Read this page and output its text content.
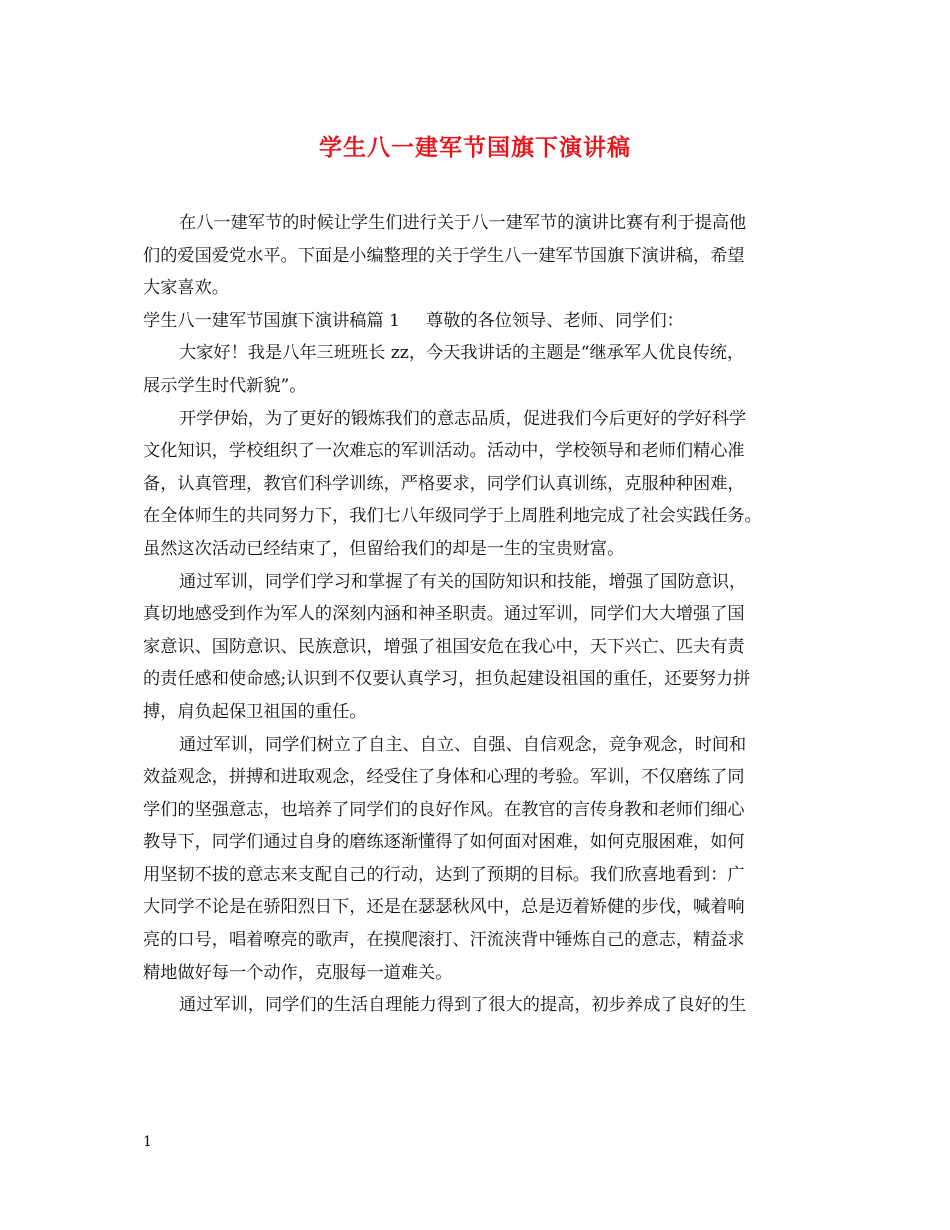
学生八一建军节国旗下演讲稿
在八一建军节的时候让学生们进行关于八一建军节的演讲比赛有利于提高他
们的爱国爱党水平。下面是小编整理的关于学生八一建军节国旗下演讲稿，希望
大家喜欢。
学生八一建军节国旗下演讲稿篇 1 尊敬的各位领导、老师、同学们：
大家好！我是八年三班班长 zz，今天我讲话的主题是“继承军人优良传统，
展示学生时代新貌”。
开学伊始，为了更好的锻炼我们的意志品质，促进我们今后更好的学好科学
文化知识，学校组织了一次难忘的军训活动。活动中，学校领导和老师们精心准
备，认真管理，教官们科学训练，严格要求，同学们认真训练，克服种种困难，
在全体师生的共同努力下，我们七八年级同学于上周胜利地完成了社会实践任务。
虽然这次活动已经结束了，但留给我们的却是一生的宝贵财富。
通过军训，同学们学习和掌握了有关的国防知识和技能，增强了国防意识，
真切地感受到作为军人的深刻内涵和神圣职责。通过军训，同学们大大增强了国
家意识、国防意识、民族意识，增强了祖国安危在我心中，天下兴亡、匹夫有责
的责任感和使命感;认识到不仅要认真学习，担负起建设祖国的重任，还要努力拼
搏，肩负起保卫祖国的重任。
通过军训，同学们树立了自主、自立、自强、自信观念，竞争观念，时间和
效益观念，拼搏和进取观念，经受住了身体和心理的考验。军训，不仅磨练了同
学们的坚强意志，也培养了同学们的良好作风。在教官的言传身教和老师们细心
教导下，同学们通过自身的磨练逐渐懂得了如何面对困难，如何克服困难，如何
用坚韧不拔的意志来支配自己的行动，达到了预期的目标。我们欣喜地看到：广
大同学不论是在骄阳烈日下，还是在瑟瑟秋风中，总是迈着矫健的步伐，喊着响
亮的口号，唱着嘹亮的歌声，在摸爬滚打、汗流浃背中锤炼自己的意志，精益求
精地做好每一个动作，克服每一道难关。
通过军训，同学们的生活自理能力得到了很大的提高，初步养成了良好的生
1
